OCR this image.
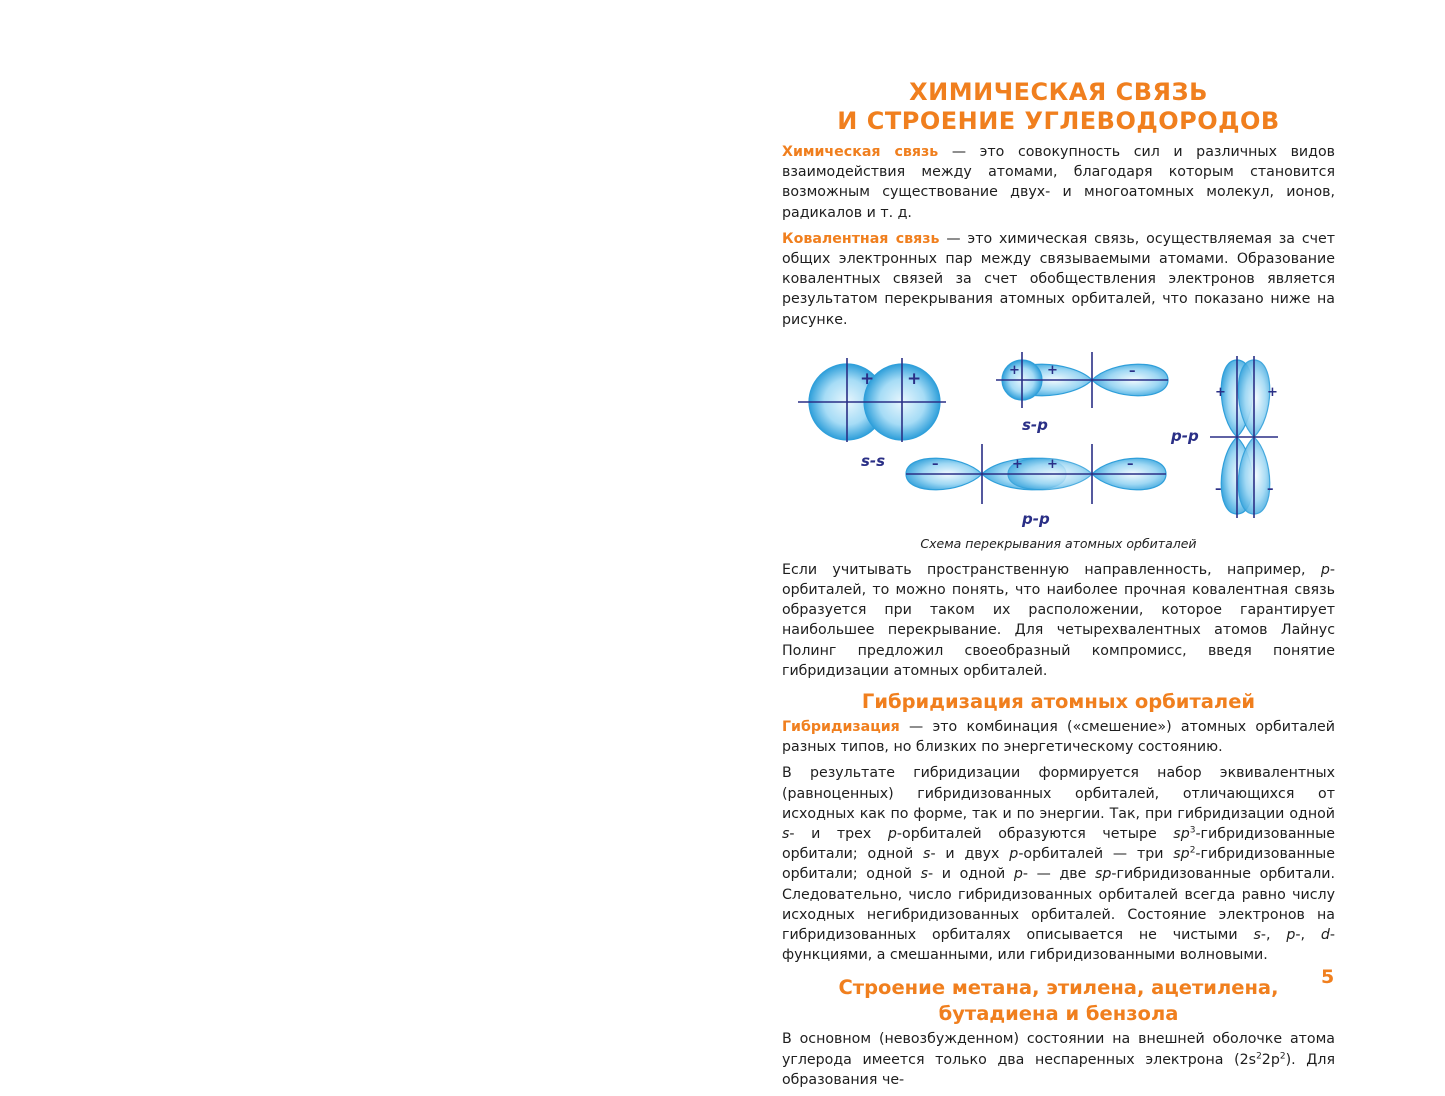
ХИМИЧЕСКАЯ СВЯЗЬ
И СТРОЕНИЕ УГЛЕВОДОРОДОВ

Химическая связь — это совокупность сил и различных видов взаимодействия между атомами, благодаря которым становится возможным существование двух- и многоатомных молекул, ионов, радикалов и т. д.

Ковалентная связь — это химическая связь, осуществляемая за счет общих электронных пар между связываемыми атомами. Образование ковалентных связей за счет обобществления электронов является результатом перекрывания атомных орбиталей, что показано ниже на рисунке.

+ +
s-s
+ +	–
s-p
–	+ +	–
p-p
+	+
–	–
p-p
Схема перекрывания атомных орбиталей

Если учитывать пространственную направленность, например, p-орбиталей, то можно понять, что наиболее прочная ковалентная связь образуется при таком их расположении, которое гарантирует наибольшее перекрывание. Для четырехвалентных атомов Лайнус Полинг предложил своеобразный компромисс, введя понятие гибридизации атомных орбиталей.

Гибридизация атомных орбиталей

Гибридизация — это комбинация («смешение») атомных орбиталей разных типов, но близких по энергетическому состоянию.

В результате гибридизации формируется набор эквивалентных (равноценных) гибридизованных орбиталей, отличающихся от исходных как по форме, так и по энергии. Так, при гибридизации одной s- и трех p-орбиталей образуются четыре $sp^3$-гибридизованные орбитали; одной s- и двух p-орбиталей — три $sp^2$-гибридизованные орбитали; одной s- и одной p- — две sp-гибридизованные орбитали. Следовательно, число гибридизованных орбиталей всегда равно числу исходных негибридизованных орбиталей. Состояние электронов на гибридизованных орбиталях описывается не чистыми s-, p-, d-функциями, а смешанными, или гибридизованными волновыми.

Строение метана, этилена, ацетилена,
бутадиена и бензола

В основном (невозбужденном) состоянии на внешней оболочке атома углерода имеется только два неспаренных электрона $(2s^22p^2)$. Для образования че-

5
